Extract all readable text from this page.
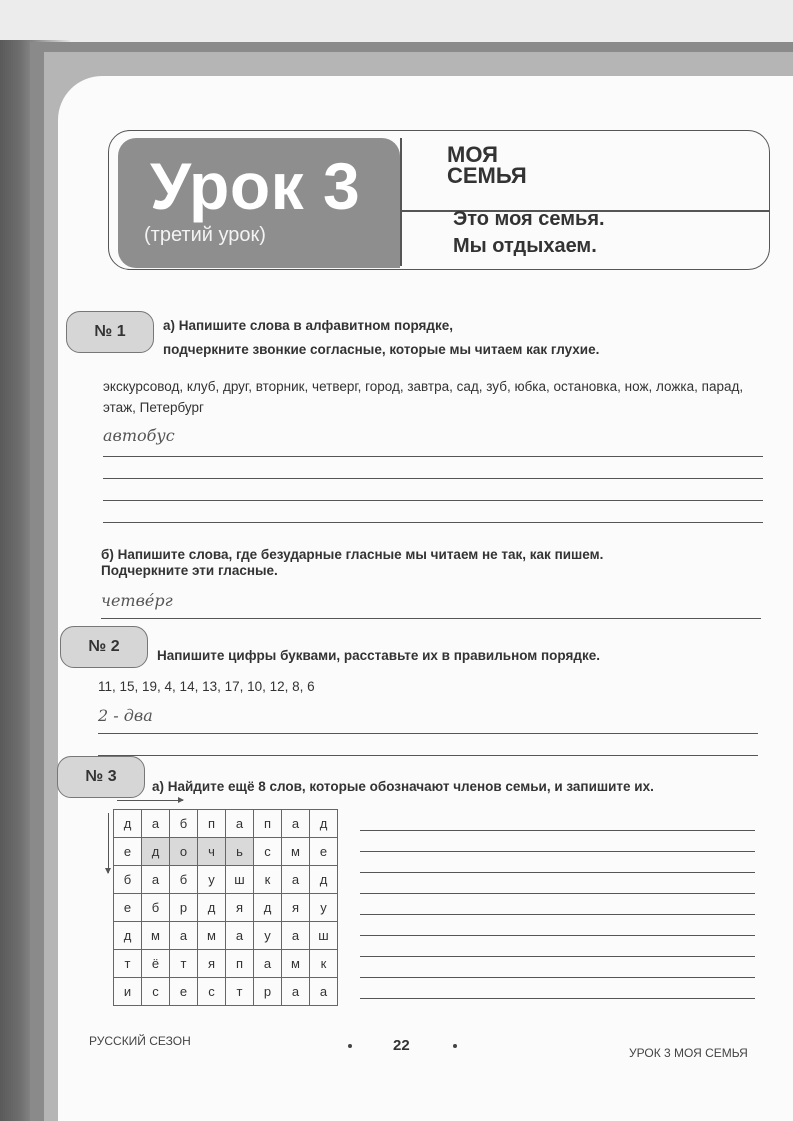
Урок 3
(третий урок)
МОЯ
СЕМЬЯ
Это моя семья.
Мы отдыхаем.
№ 1	а) Напишите слова в алфавитном порядке,
подчеркните звонкие согласные, которые мы читаем как глухие.
экскурсовод, клуб, друг, вторник, четверг, город, завтра, сад, зуб, юбка, остановка, нож, ложка, парад, этаж, Петербург
автобус
б) Напишите слова, где безударные гласные мы читаем не так, как пишем.
Подчеркните эти гласные.
четвéрг
№ 2
Напишите цифры буквами, расставьте их в правильном порядке.
11, 15, 19, 4, 14, 13, 17, 10, 12, 8, 6
2 - два
№ 3
а) Найдите ещё 8 слов, которые обозначают членов семьи, и запишите их.
д	а	б	п	а	п	а	д
е	д	о	ч	ь	с	м	е
б	а	б	у	ш	к	а	д
е	б	р	д	я	д	я	у
д	м	а	м	а	у	а	ш
т	ё	т	я	п	а	м	к
и	с	е	с	т	р	а	а
РУССКИЙ СЕЗОН	22	УРОК 3 МОЯ СЕМЬЯ
